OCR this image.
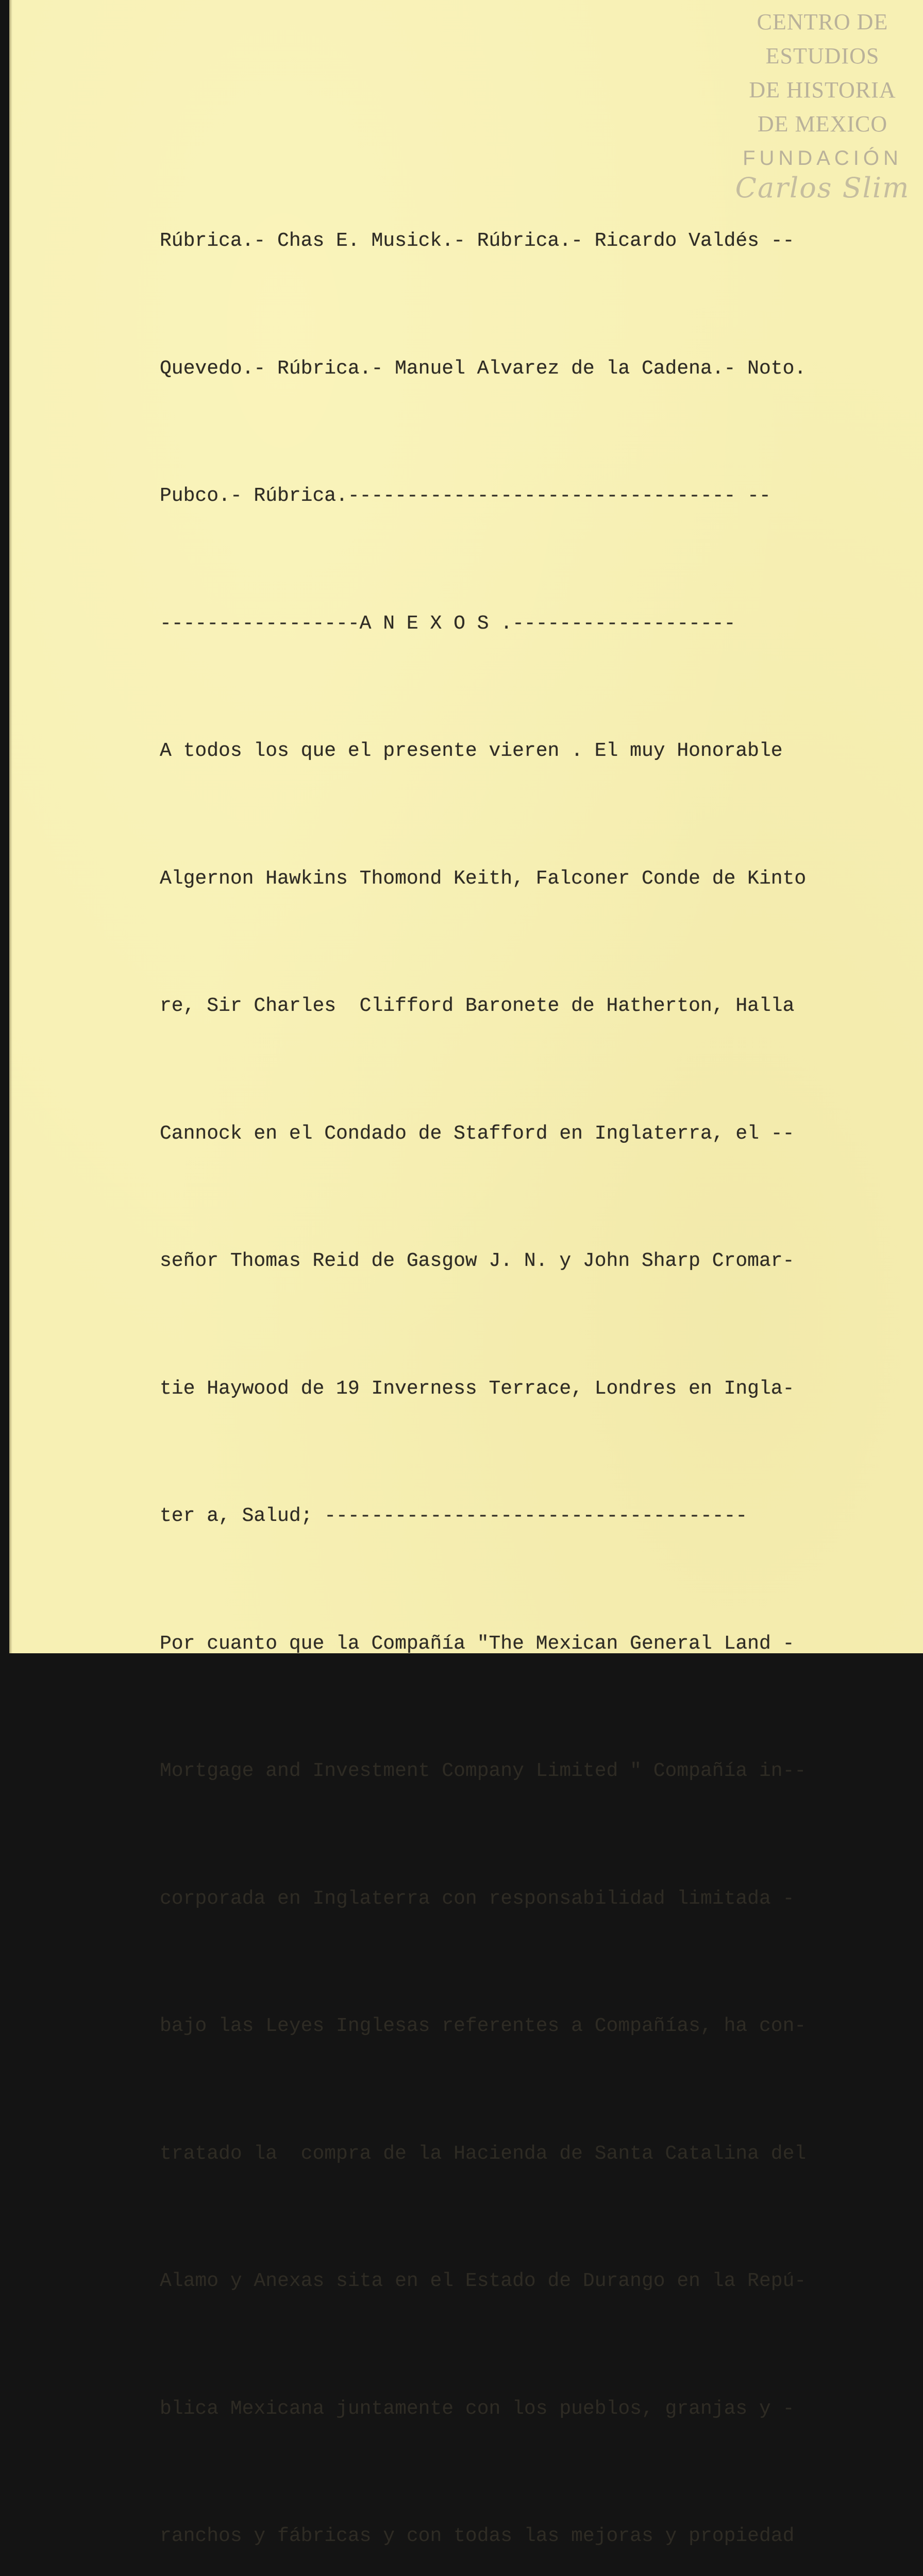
CENTRO DE
ESTUDIOS
DE HISTORIA
DE MEXICO
FUNDACIÓN
Carlos Slim

Rúbrica.- Chas E. Musick.- Rúbrica.- Ricardo Valdés --

Quevedo.- Rúbrica.- Manuel Alvarez de la Cadena.- Noto.

Pubco.- Rúbrica.--------------------------------- --

-----------------A N E X O S .-------------------

A todos los que el presente vieren . El muy Honorable

Algernon Hawkins Thomond Keith, Falconer Conde de Kinto

re, Sir Charles  Clifford Baronete de Hatherton, Halla

Cannock en el Condado de Stafford en Inglaterra, el --

señor Thomas Reid de Gasgow J. N. y John Sharp Cromar-

tie Haywood de 19 Inverness Terrace, Londres en Ingla-

ter a, Salud; ------------------------------------

Por cuanto que la Compañía "The Mexican General Land -

Mortgage and Investment Company Limited " Compañía in--

corporada en Inglaterra con responsabilidad limitada -

bajo las Leyes Inglesas referentes a Compañías, ha con-

tratado la  compra de la Hacienda de Santa Catalina del

Alamo y Anexas sita en el Estado de Durango en la Repú-

blica Mexicana juntamente con los pueblos, granjas y -

ranchos y fábricas y con todas las mejoras y propiedad
